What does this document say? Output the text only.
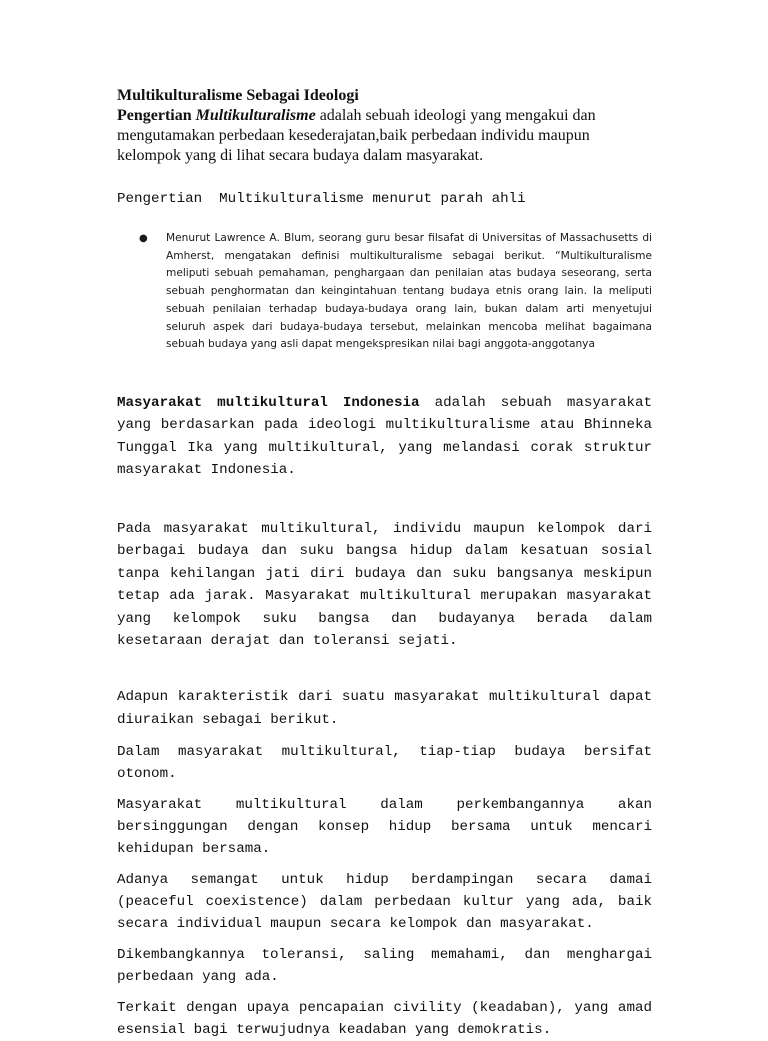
Multikulturalisme Sebagai Ideologi

Pengertian Multikulturalisme adalah sebuah ideologi yang mengakui dan mengutamakan perbedaan kesederajatan,baik perbedaan individu maupun kelompok yang di lihat secara budaya dalam masyarakat.

Pengertian  Multikulturalisme menurut parah ahli

● Menurut Lawrence A. Blum, seorang guru besar filsafat di Universitas of Massachusetts di Amherst, mengatakan definisi multikulturalisme sebagai berikut. “Multikulturalisme meliputi sebuah pemahaman, penghargaan dan penilaian atas budaya seseorang, serta sebuah penghormatan dan keingintahuan tentang budaya etnis orang lain. Ia meliputi sebuah penilaian terhadap budaya-budaya orang lain, bukan dalam arti menyetujui seluruh aspek dari budaya-budaya tersebut, melainkan mencoba melihat bagaimana sebuah budaya yang asli dapat mengekspresikan nilai bagi anggota-anggotanya

Masyarakat multikultural Indonesia adalah sebuah masyarakat yang berdasarkan pada ideologi multikulturalisme atau Bhinneka Tunggal Ika yang multikultural, yang melandasi corak struktur masyarakat Indonesia.

Pada masyarakat multikultural, individu maupun kelompok dari berbagai budaya dan suku bangsa hidup dalam kesatuan sosial tanpa kehilangan jati diri budaya dan suku bangsanya meskipun tetap ada jarak. Masyarakat multikultural merupakan masyarakat yang kelompok suku bangsa dan budayanya berada dalam kesetaraan derajat dan toleransi sejati.

Adapun karakteristik dari suatu masyarakat multikultural dapat diuraikan sebagai berikut.

Dalam masyarakat multikultural, tiap-tiap budaya bersifat otonom.

Masyarakat multikultural dalam perkembangannya akan bersinggungan dengan konsep hidup bersama untuk mencari kehidupan bersama.

Adanya semangat untuk hidup berdampingan secara damai (peaceful coexistence) dalam perbedaan kultur yang ada, baik secara individual maupun secara kelompok dan masyarakat.

Dikembangkannya toleransi, saling memahami, dan menghargai perbedaan yang ada.

Terkait dengan upaya pencapaian civility (keadaban), yang amad esensial bagi terwujudnya keadaban yang demokratis.
